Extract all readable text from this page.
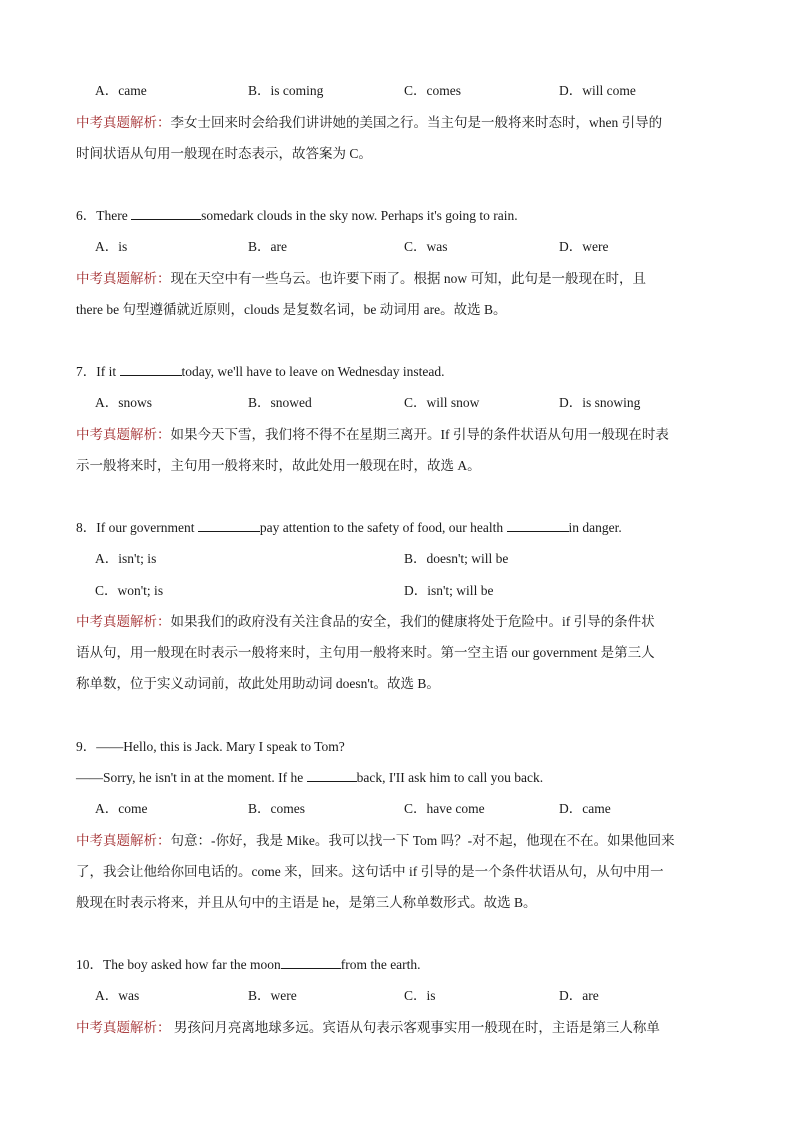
A．came	B．is coming	C．comes	D．will come
中考真题解析：李女士回来时会给我们讲讲她的美国之行。当主句是一般将来时态时，when 引导的
时间状语从句用一般现在时态表示，故答案为 C。
6．There	somedark clouds in the sky now. Perhaps it's going to rain.
A．is	B．are	C．was	D．were
中考真题解析：现在天空中有一些乌云。也许要下雨了。根据 now 可知，此句是一般现在时，且
there be 句型遵循就近原则，clouds 是复数名词，be 动词用 are。故选 B。
7．If it	today, we'll have to leave on Wednesday instead.
A．snows	B．snowed	C．will snow	D．is snowing
中考真题解析：如果今天下雪，我们将不得不在星期三离开。If 引导的条件状语从句用一般现在时表
示一般将来时，主句用一般将来时，故此处用一般现在时，故选 A。
8．If our government	pay attention to the safety of food, our health	in danger.
A．isn't; is	B．doesn't; will be
C．won't; is	D．isn't; will be
中考真题解析：如果我们的政府没有关注食品的安全，我们的健康将处于危险中。if 引导的条件状
语从句，用一般现在时表示一般将来时，主句用一般将来时。第一空主语 our government 是第三人
称单数，位于实义动词前，故此处用助动词 doesn't。故选 B。
9．——Hello, this is Jack. Mary I speak to Tom?
——Sorry, he isn't in at the moment. If he	back, I'II ask him to call you back.
A．come	B．comes	C．have come	D．came
中考真题解析：句意：-你好，我是 Mike。我可以找一下 Tom 吗？-对不起，他现在不在。如果他回来
了，我会让他给你回电话的。come 来，回来。这句话中 if 引导的是一个条件状语从句，从句中用一
般现在时表示将来，并且从句中的主语是 he，是第三人称单数形式。故选 B。
10．The boy asked how far the moon	from the earth.
A．was	B．were	C．is	D．are
中考真题解析： 男孩问月亮离地球多远。宾语从句表示客观事实用一般现在时，主语是第三人称单
